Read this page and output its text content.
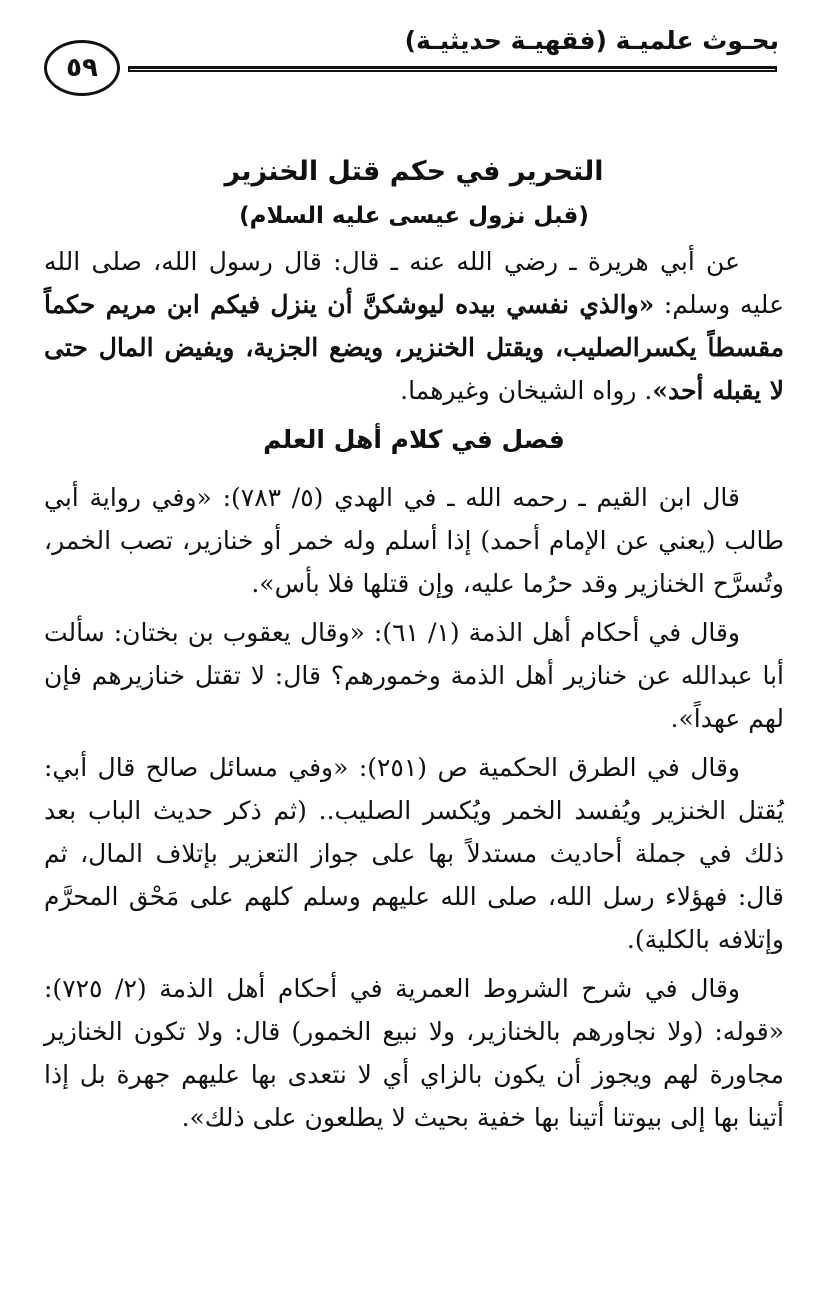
٥٩
بحـوث علميـة (فقهيـة حديثيـة)
التحرير في حكم قتل الخنزير
(قبل نزول عيسى عليه السلام)

عن أبي هريرة ـ رضي الله عنه ـ قال: قال رسول الله، صلى الله عليه وسلم: «والذي نفسي بيده ليوشكنَّ أن ينزل فيكم ابن مريم حكماً مقسطاً يكسرالصليب، ويقتل الخنزير، ويضع الجزية، ويفيض المال حتى لا يقبله أحد». رواه الشيخان وغيرهما.

فصل في كلام أهل العلم

قال ابن القيم ـ رحمه الله ـ في الهدي (٥/ ٧٨٣): «وفي رواية أبي طالب (يعني عن الإمام أحمد) إذا أسلم وله خمر أو خنازير، تصب الخمر، وتُسرَّح الخنازير وقد حرُما عليه، وإن قتلها فلا بأس».

وقال في أحكام أهل الذمة (١/ ٦١): «وقال يعقوب بن بختان: سألت أبا عبدالله عن خنازير أهل الذمة وخمورهم؟ قال: لا تقتل خنازيرهم فإن لهم عهداً».

وقال في الطرق الحكمية ص (٢٥١): «وفي مسائل صالح قال أبي: يُقتل الخنزير ويُفسد الخمر ويُكسر الصليب.. (ثم ذكر حديث الباب بعد ذلك في جملة أحاديث مستدلاً بها على جواز التعزير بإتلاف المال، ثم قال: فهؤلاء رسل الله، صلى الله عليهم وسلم كلهم على مَحْق المحرَّم وإتلافه بالكلية).

وقال في شرح الشروط العمرية في أحكام أهل الذمة (٢/ ٧٢٥): «قوله: (ولا نجاورهم بالخنازير، ولا نبيع الخمور) قال: ولا تكون الخنازير مجاورة لهم ويجوز أن يكون بالزاي أي لا نتعدى بها عليهم جهرة بل إذا أتينا بها إلى بيوتنا أتينا بها خفية بحيث لا يطلعون على ذلك».
